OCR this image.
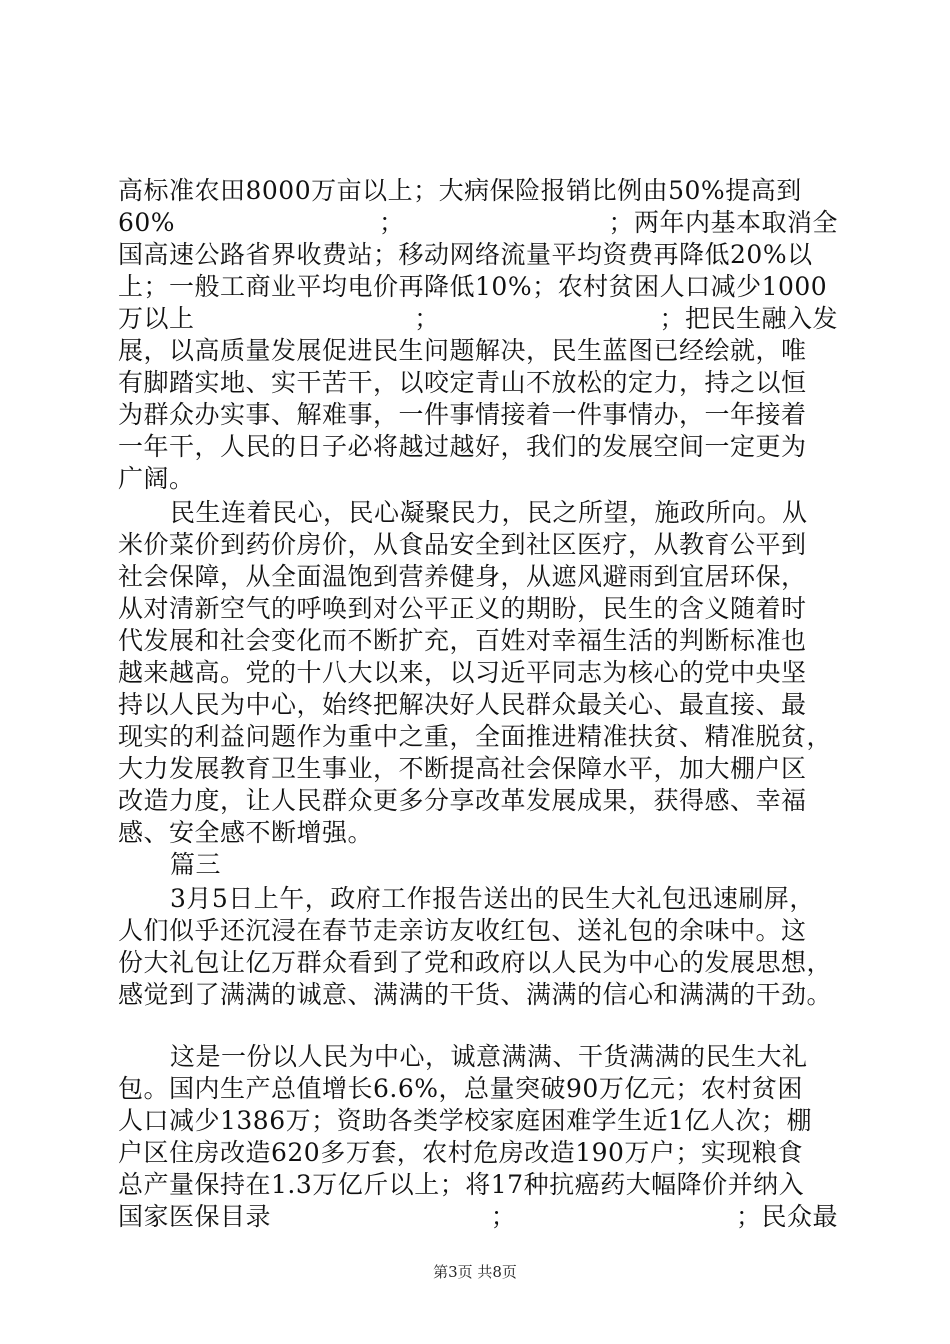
高标准农田8000万亩以上；大病保险报销比例由50%提高到
60%	；	；两年内基本取消全
国高速公路省界收费站；移动网络流量平均资费再降低20%以
上；一般工商业平均电价再降低10%；农村贫困人口减少1000
万以上	；	；把民生融入发
展，以高质量发展促进民生问题解决，民生蓝图已经绘就，唯
有脚踏实地、实干苦干，以咬定青山不放松的定力，持之以恒
为群众办实事、解难事，一件事情接着一件事情办，一年接着
一年干，人民的日子必将越过越好，我们的发展空间一定更为
广阔。
民生连着民心，民心凝聚民力，民之所望，施政所向。从
米价菜价到药价房价，从食品安全到社区医疗，从教育公平到
社会保障，从全面温饱到营养健身，从遮风避雨到宜居环保，
从对清新空气的呼唤到对公平正义的期盼，民生的含义随着时
代发展和社会变化而不断扩充，百姓对幸福生活的判断标准也
越来越高。党的十八大以来，以习近平同志为核心的党中央坚
持以人民为中心，始终把解决好人民群众最关心、最直接、最
现实的利益问题作为重中之重，全面推进精准扶贫、精准脱贫，
大力发展教育卫生事业，不断提高社会保障水平，加大棚户区
改造力度，让人民群众更多分享改革发展成果，获得感、幸福
感、安全感不断增强。
篇三
3月5日上午，政府工作报告送出的民生大礼包迅速刷屏，
人们似乎还沉浸在春节走亲访友收红包、送礼包的余味中。这
份大礼包让亿万群众看到了党和政府以人民为中心的发展思想，
感觉到了满满的诚意、满满的干货、满满的信心和满满的干劲。
这是一份以人民为中心，诚意满满、干货满满的民生大礼
包。国内生产总值增长6.6%，总量突破90万亿元；农村贫困
人口减少1386万；资助各类学校家庭困难学生近1亿人次；棚
户区住房改造620多万套，农村危房改造190万户；实现粮食
总产量保持在1.3万亿斤以上；将17种抗癌药大幅降价并纳入
国家医保目录	；	；民众最
第3页 共8页
